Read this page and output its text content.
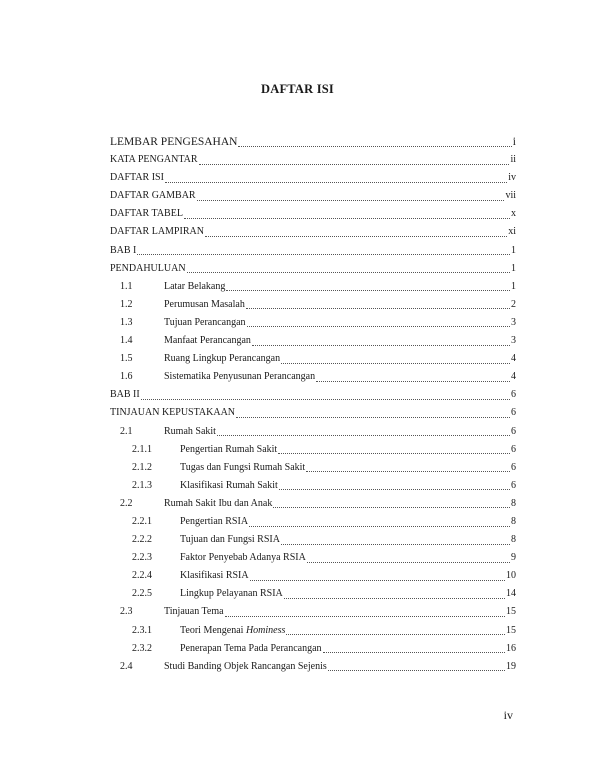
DAFTAR ISI
LEMBAR PENGESAHAN	i
KATA PENGANTAR	ii
DAFTAR ISI	iv
DAFTAR GAMBAR	vii
DAFTAR TABEL	x
DAFTAR LAMPIRAN	xi
BAB I	1
PENDAHULUAN	1
1.1	Latar Belakang	1
1.2	Perumusan Masalah	2
1.3	Tujuan Perancangan	3
1.4	Manfaat Perancangan	3
1.5	Ruang Lingkup Perancangan	4
1.6	Sistematika Penyusunan Perancangan	4
BAB II	6
TINJAUAN KEPUSTAKAAN	6
2.1	Rumah Sakit	6
2.1.1	Pengertian Rumah Sakit	6
2.1.2	Tugas dan Fungsi Rumah Sakit	6
2.1.3	Klasifikasi Rumah Sakit	6
2.2	Rumah Sakit Ibu dan Anak	8
2.2.1	Pengertian RSIA	8
2.2.2	Tujuan dan Fungsi RSIA	8
2.2.3	Faktor Penyebab Adanya RSIA	9
2.2.4	Klasifikasi RSIA	10
2.2.5	Lingkup Pelayanan RSIA	14
2.3	Tinjauan Tema	15
2.3.1	Teori Mengenai Hominess	15
2.3.2	Penerapan Tema Pada Perancangan	16
2.4	Studi Banding Objek Rancangan Sejenis	19
iv
